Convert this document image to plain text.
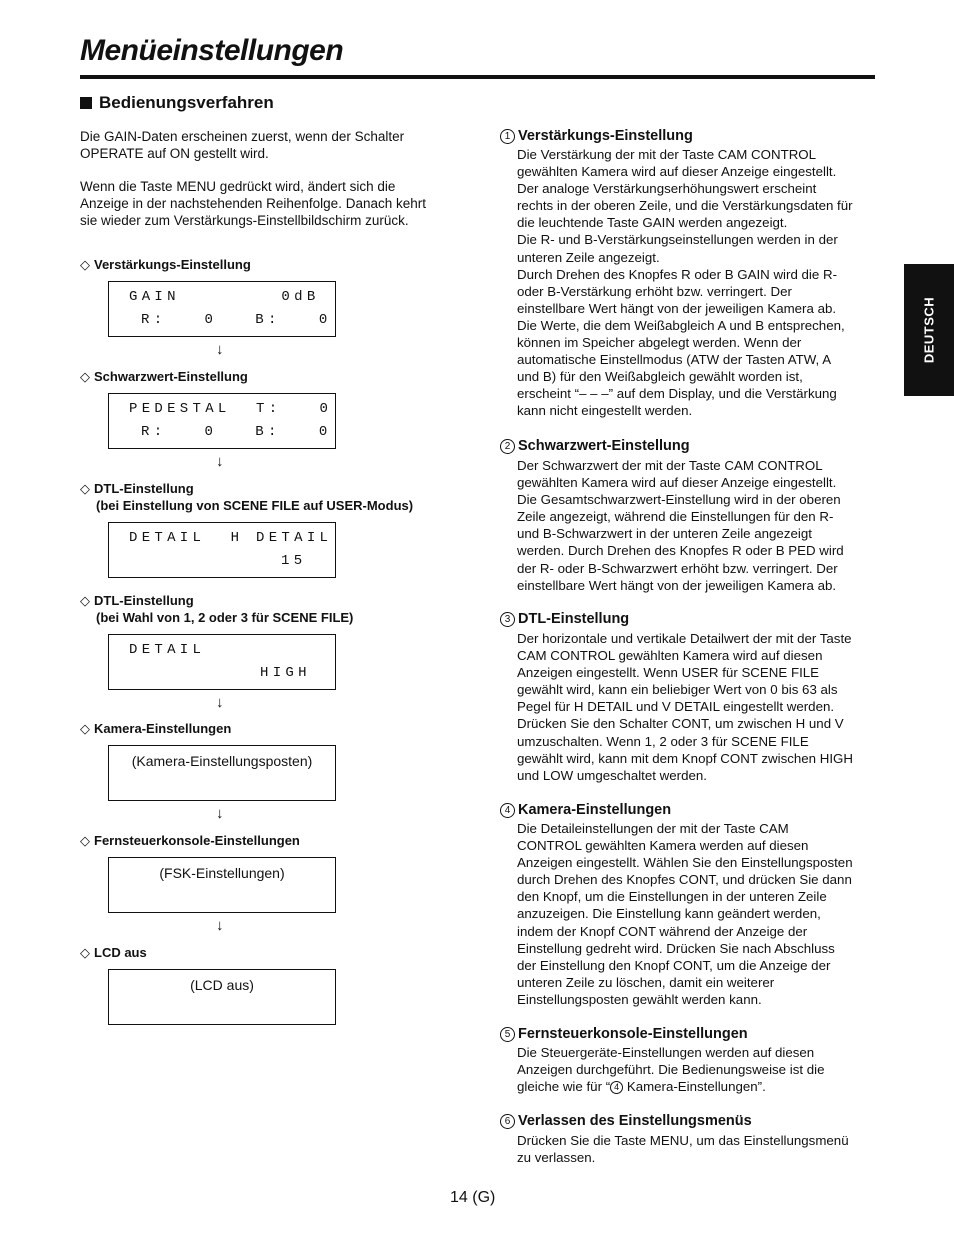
Menüeinstellungen
Bedienungsverfahren
Die GAIN-Daten erscheinen zuerst, wenn der Schalter
OPERATE auf ON gestellt wird.
Wenn die Taste MENU gedrückt wird, ändert sich die
Anzeige in der nachstehenden Reihenfolge. Danach kehrt
sie wieder zum Verstärkungs-Einstellbildschirm zurück.
◇ Verstärkungs-Einstellung
GAIN        0dB
R:   0   B:   0
↓
◇ Schwarzwert-Einstellung
PEDESTAL  T:   0
R:   0   B:   0
↓
◇ DTL-Einstellung
(bei Einstellung von SCENE FILE auf USER-Modus)
DETAIL  H DETAIL
15
◇ DTL-Einstellung
(bei Wahl von 1, 2 oder 3 für SCENE FILE)
DETAIL
HIGH
↓
◇ Kamera-Einstellungen
(Kamera-Einstellungsposten)
↓
◇ Fernsteuerkonsole-Einstellungen
(FSK-Einstellungen)
↓
◇ LCD aus
(LCD aus)
1 Verstärkungs-Einstellung
Die Verstärkung der mit der Taste CAM CONTROL
gewählten Kamera wird auf dieser Anzeige eingestellt.
Der analoge Verstärkungserhöhungswert erscheint
rechts in der oberen Zeile, und die Verstärkungsdaten für
die leuchtende Taste GAIN werden angezeigt.
Die R- und B-Verstärkungseinstellungen werden in der
unteren Zeile angezeigt.
Durch Drehen des Knopfes R oder B GAIN wird die R-
oder B-Verstärkung erhöht bzw. verringert. Der
einstellbare Wert hängt von der jeweiligen Kamera ab.
Die Werte, die dem Weißabgleich A und B entsprechen,
können im Speicher abgelegt werden. Wenn der
automatische Einstellmodus (ATW der Tasten ATW, A
und B) für den Weißabgleich gewählt worden ist,
erscheint “– – –” auf dem Display, und die Verstärkung
kann nicht eingestellt werden.
2 Schwarzwert-Einstellung
Der Schwarzwert der mit der Taste CAM CONTROL
gewählten Kamera wird auf dieser Anzeige eingestellt.
Die Gesamtschwarzwert-Einstellung wird in der oberen
Zeile angezeigt, während die Einstellungen für den R-
und B-Schwarzwert in der unteren Zeile angezeigt
werden. Durch Drehen des Knopfes R oder B PED wird
der R- oder B-Schwarzwert erhöht bzw. verringert. Der
einstellbare Wert hängt von der jeweiligen Kamera ab.
3 DTL-Einstellung
Der horizontale und vertikale Detailwert der mit der Taste
CAM CONTROL gewählten Kamera wird auf diesen
Anzeigen eingestellt. Wenn USER für SCENE FILE
gewählt wird, kann ein beliebiger Wert von 0 bis 63 als
Pegel für H DETAIL und V DETAIL eingestellt werden.
Drücken Sie den Schalter CONT, um zwischen H und V
umzuschalten. Wenn 1, 2 oder 3 für SCENE FILE
gewählt wird, kann mit dem Knopf CONT zwischen HIGH
und LOW umgeschaltet werden.
4 Kamera-Einstellungen
Die Detaileinstellungen der mit der Taste CAM
CONTROL gewählten Kamera werden auf diesen
Anzeigen eingestellt. Wählen Sie den Einstellungsposten
durch Drehen des Knopfes CONT, und drücken Sie dann
den Knopf, um die Einstellungen in der unteren Zeile
anzuzeigen. Die Einstellung kann geändert werden,
indem der Knopf CONT während der Anzeige der
Einstellung gedreht wird. Drücken Sie nach Abschluss
der Einstellung den Knopf CONT, um die Anzeige der
unteren Zeile zu löschen, damit ein weiterer
Einstellungsposten gewählt werden kann.
5 Fernsteuerkonsole-Einstellungen
Die Steuergeräte-Einstellungen werden auf diesen
Anzeigen durchgeführt. Die Bedienungsweise ist die
gleiche wie für “ 4 Kamera-Einstellungen”.
6 Verlassen des Einstellungsmenüs
Drücken Sie die Taste MENU, um das Einstellungsmenü
zu verlassen.
DEUTSCH
14 (G)
